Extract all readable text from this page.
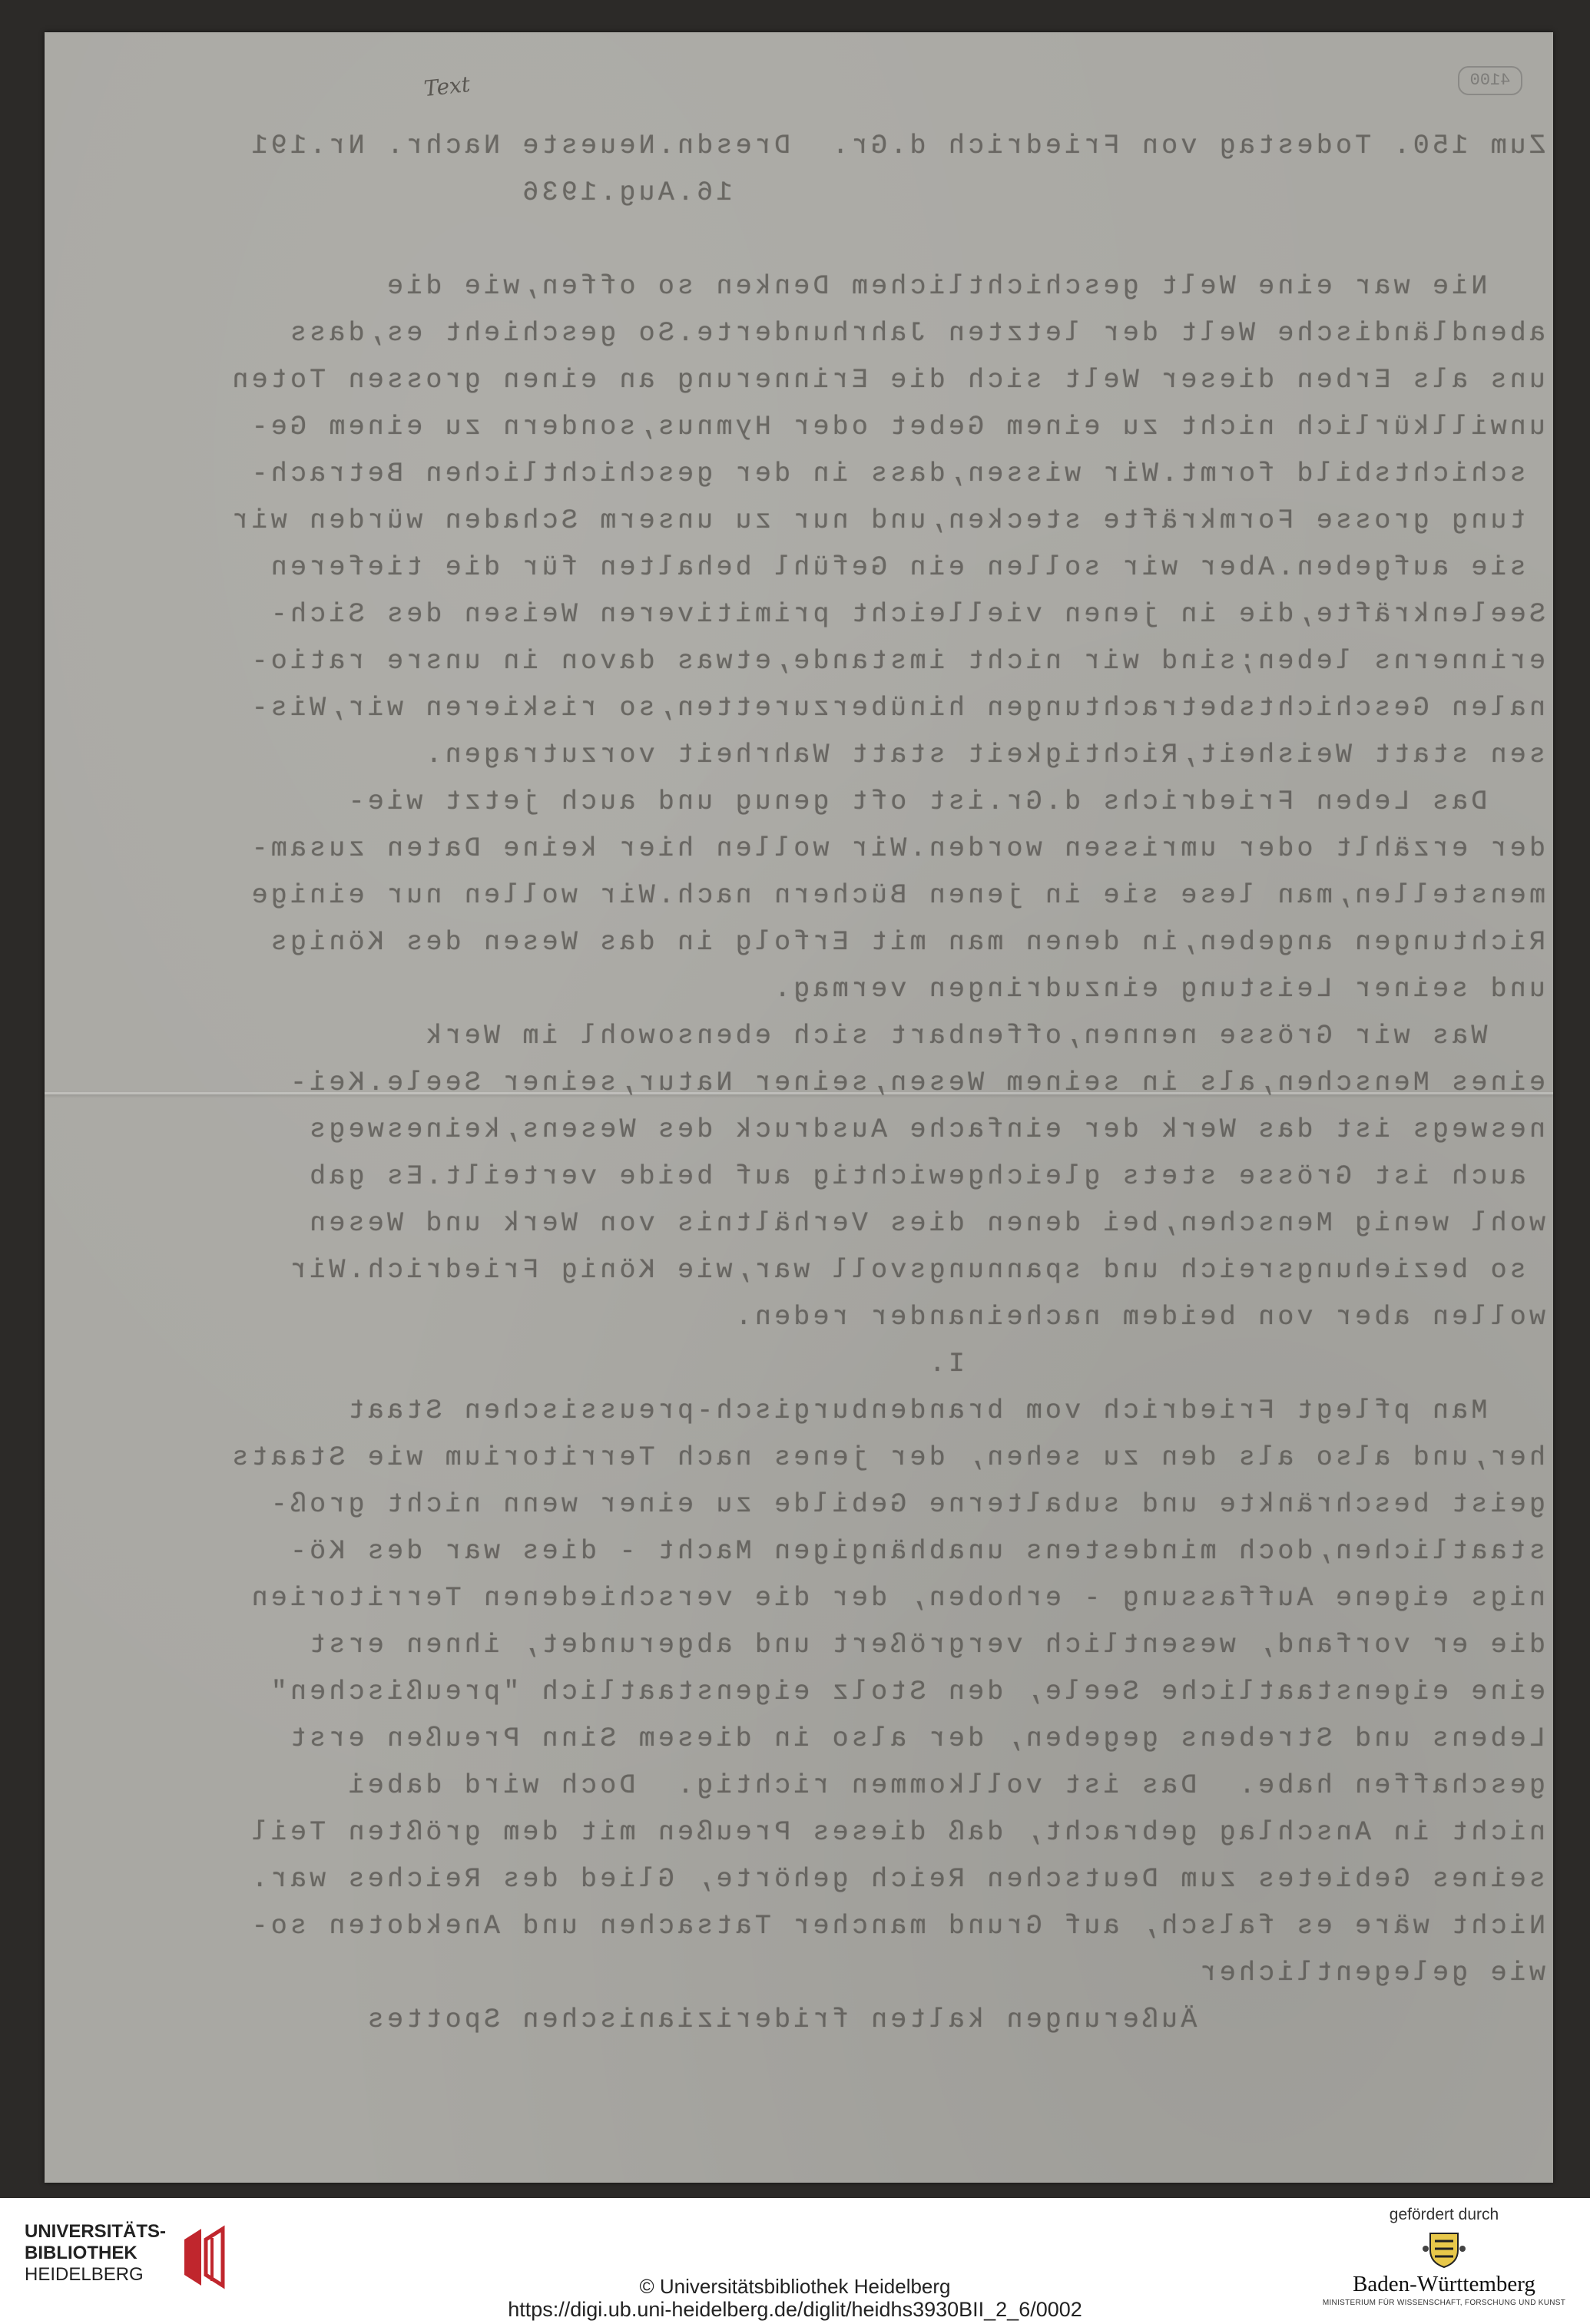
4100
Text
Zum 150. Todestag von Friedrich d.Gr.  Dresdn.Neueste Nachr. Nr.191
16.Aug.1936
Nie war eine Welt geschichtlichem Denken so offen,wie die
abendländische Welt der letzten Jahrhunderte.So geschieht es,dass
uns als Erben dieser Welt sich die Erinnerung an einen grossen Toten
unwillkürlich nicht zu einem Gebet oder Hymnus,sondern zu einem Ge-
schichtsbild formt.Wir wissen,dass in der geschichtlichen Betrach-
tung grosse Formkräfte stecken,und nur zu unserm Schaden würden wir
sie aufgeben.Aber wir sollen ein Gefühl behalten für die tieferen
Seelenkräfte,die in jenen vielleicht primitiveren Weisen des Sich-
erinnerns leben;sind wir nicht imstande,etwas davon in unsre ratio-
nalen Geschichtsbetrachtungen hinüberzuretten,so riskieren wir,Wis-
sen statt Weisheit,Richtigkeit statt Wahrheit vorzutragen.
Das Leben Friedrichs d.Gr.ist oft genug und auch jetzt wie-
der erzählt oder umrissen worden.Wir wollen hier keine Daten zusam-
menstellen,man lese sie in jenen Büchern nach.Wir wollen nur einige
Richtungen angeben,in denen man mit Erfolg in das Wesen des Königs
und seiner Leistung einzudringen vermag.
Was wir Grösse nennen,offenbart sich ebensowohl im Werk
eines Menschen,als in seinem Wesen,seiner Natur,seiner Seele.Kei-
neswegs ist das Werk der einfache Ausdruck des Wesens,keineswegs
auch ist Grösse stets gleichgewichtig auf beide verteilt.Es gab
wohl wenig Menschen,bei denen dies Verhältnis von Werk und Wesen
so beziehungsreich und spannungsvoll war,wie König Friedrich.Wir
wollen aber von beidem nacheinander reden.
I.
Man pflegt Friedrich vom brandenburgisch-preussischen Staat
her,und also als den zu sehen, der jenes nach Territorium wie Staats
geist beschränkte und subalterne Gebilde zu einer wenn nicht groß-
staatlichen,doch mindestens unabhängigen Macht - dies war des Kö-
nigs eigene Auffassung - erhoben, der die verschiedenen Territorien
die er vorfand, wesentlich vergrößert und abgerundet, ihnen erst
eine eigenstaatliche Seele, den Stolz eigenstaatlich "preußischen"
Lebens und Strebens gegeben, der also in diesem Sinn Preußen erst
geschaffen habe.  Das ist vollkommen richtig.  Doch wird dabei
nicht in Anschlag gebracht, daß dieses Preußen mit dem größten Teil
seines Gebietes zum Deutschen Reich gehörte, Glied des Reiches war.
Nicht wäre es falsch, auf Grund mancher Tatsachen und Anekdoten so-
wie gelegentlicher
Äußerungen kalten friderizianischen Spottes
UNIVERSITÄTS-
BIBLIOTHEK
HEIDELBERG
© Universitätsbibliothek Heidelberg
https://digi.ub.uni-heidelberg.de/diglit/heidhs3930BII_2_6/0002
gefördert durch
Baden-Württemberg
MINISTERIUM FÜR WISSENSCHAFT, FORSCHUNG UND KUNST
